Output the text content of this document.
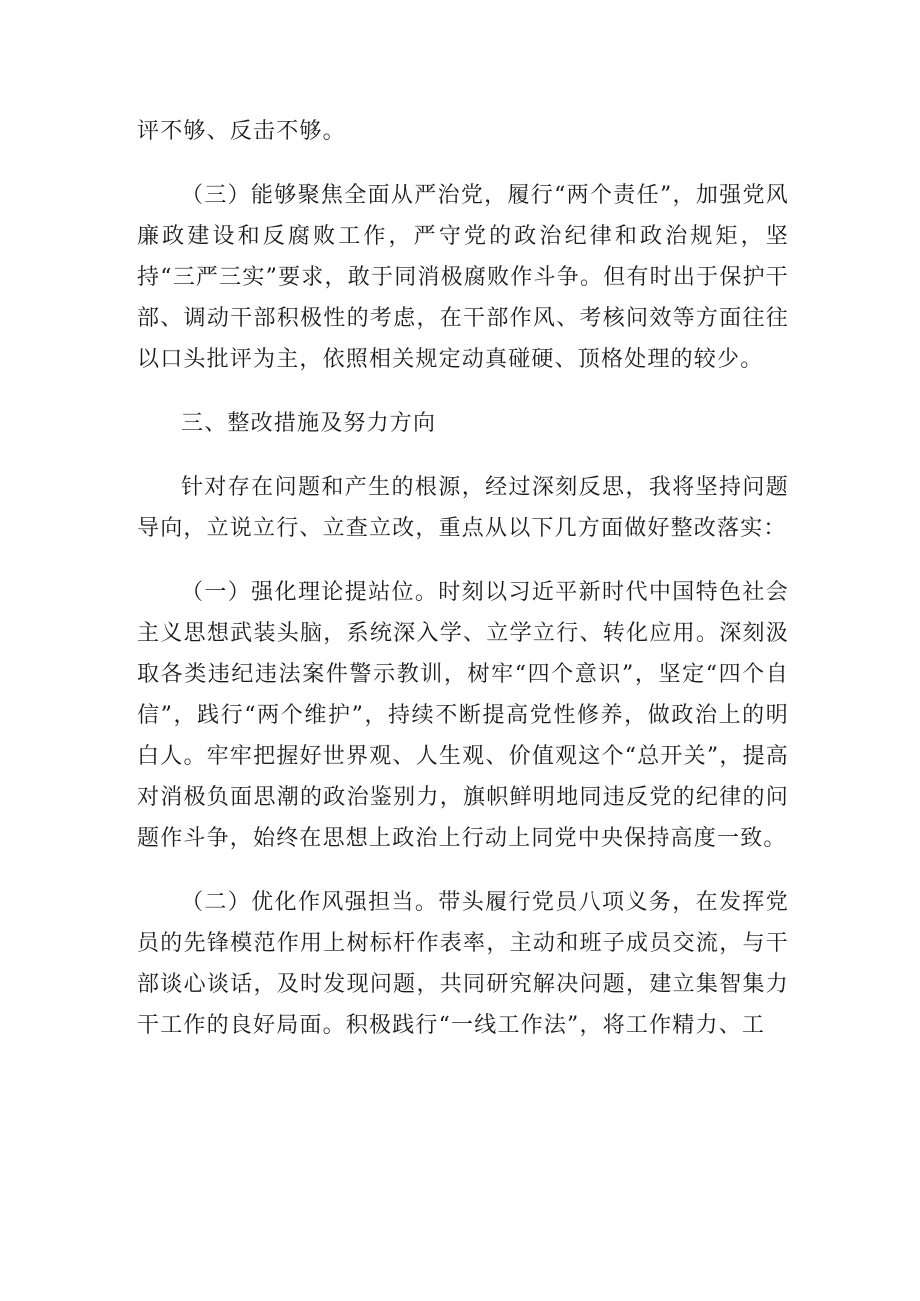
评不够、反击不够。

（三）能够聚焦全面从严治党，履行“两个责任”，加强党风廉政建设和反腐败工作，严守党的政治纪律和政治规矩，坚持“三严三实”要求，敢于同消极腐败作斗争。但有时出于保护干部、调动干部积极性的考虑，在干部作风、考核问效等方面往往以口头批评为主，依照相关规定动真碰硬、顶格处理的较少。

三、整改措施及努力方向

针对存在问题和产生的根源，经过深刻反思，我将坚持问题导向，立说立行、立查立改，重点从以下几方面做好整改落实：

（一）强化理论提站位。时刻以习近平新时代中国特色社会主义思想武装头脑，系统深入学、立学立行、转化应用。深刻汲取各类违纪违法案件警示教训，树牢“四个意识”，坚定“四个自信”，践行“两个维护”，持续不断提高党性修养，做政治上的明白人。牢牢把握好世界观、人生观、价值观这个“总开关”，提高对消极负面思潮的政治鉴别力，旗帜鲜明地同违反党的纪律的问题作斗争，始终在思想上政治上行动上同党中央保持高度一致。

（二）优化作风强担当。带头履行党员八项义务，在发挥党员的先锋模范作用上树标杆作表率，主动和班子成员交流，与干部谈心谈话，及时发现问题，共同研究解决问题，建立集智集力干工作的良好局面。积极践行“一线工作法”，将工作精力、工
